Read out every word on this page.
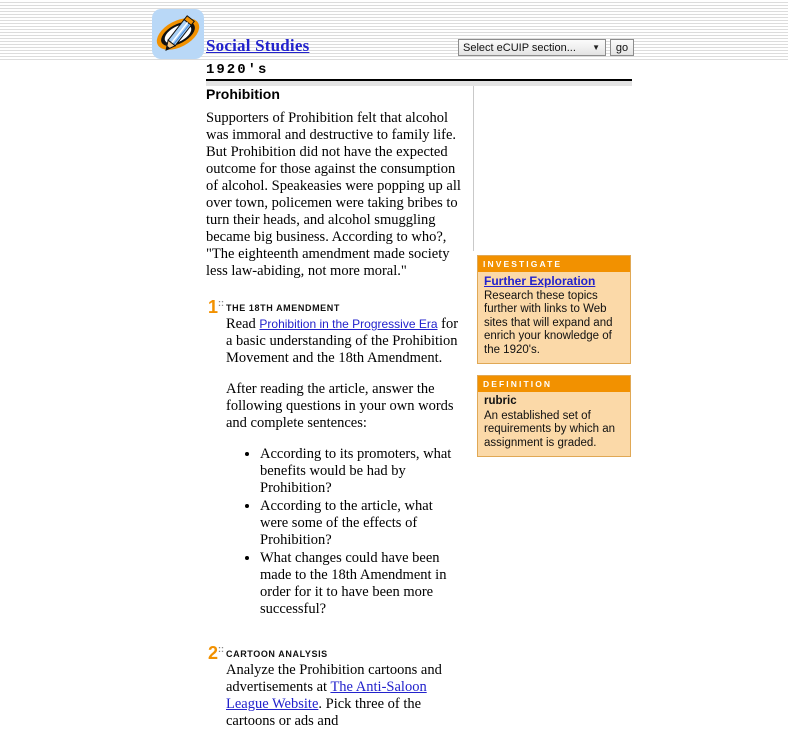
Social Studies	Select eCUIP section... ▼	go
1920's
Prohibition

Supporters of Prohibition felt that alcohol was immoral and destructive to family life. But Prohibition did not have the expected outcome for those against the consumption of alcohol. Speakeasies were popping up all over town, policemen were taking bribes to turn their heads, and alcohol smuggling became big business. According to who?, "The eighteenth amendment made society less law-abiding, not more moral."

1:: THE 18TH AMENDMENT

Read Prohibition in the Progressive Era for a basic understanding of the Prohibition Movement and the 18th Amendment.

After reading the article, answer the following questions in your own words and complete sentences:

• According to its promoters, what benefits would be had by Prohibition?
• According to the article, what were some of the effects of Prohibition?
• What changes could have been made to the 18th Amendment in order for it to have been more successful?
2:: CARTOON ANALYSIS

Analyze the Prohibition cartoons and advertisements at The Anti-Saloon League Website. Pick three of the cartoons or ads and

INVESTIGATE
Further Exploration
Research these topics further with links to Web sites that will expand and enrich your knowledge of the 1920's.
DEFINITION
rubric
An established set of requirements by which an assignment is graded.
